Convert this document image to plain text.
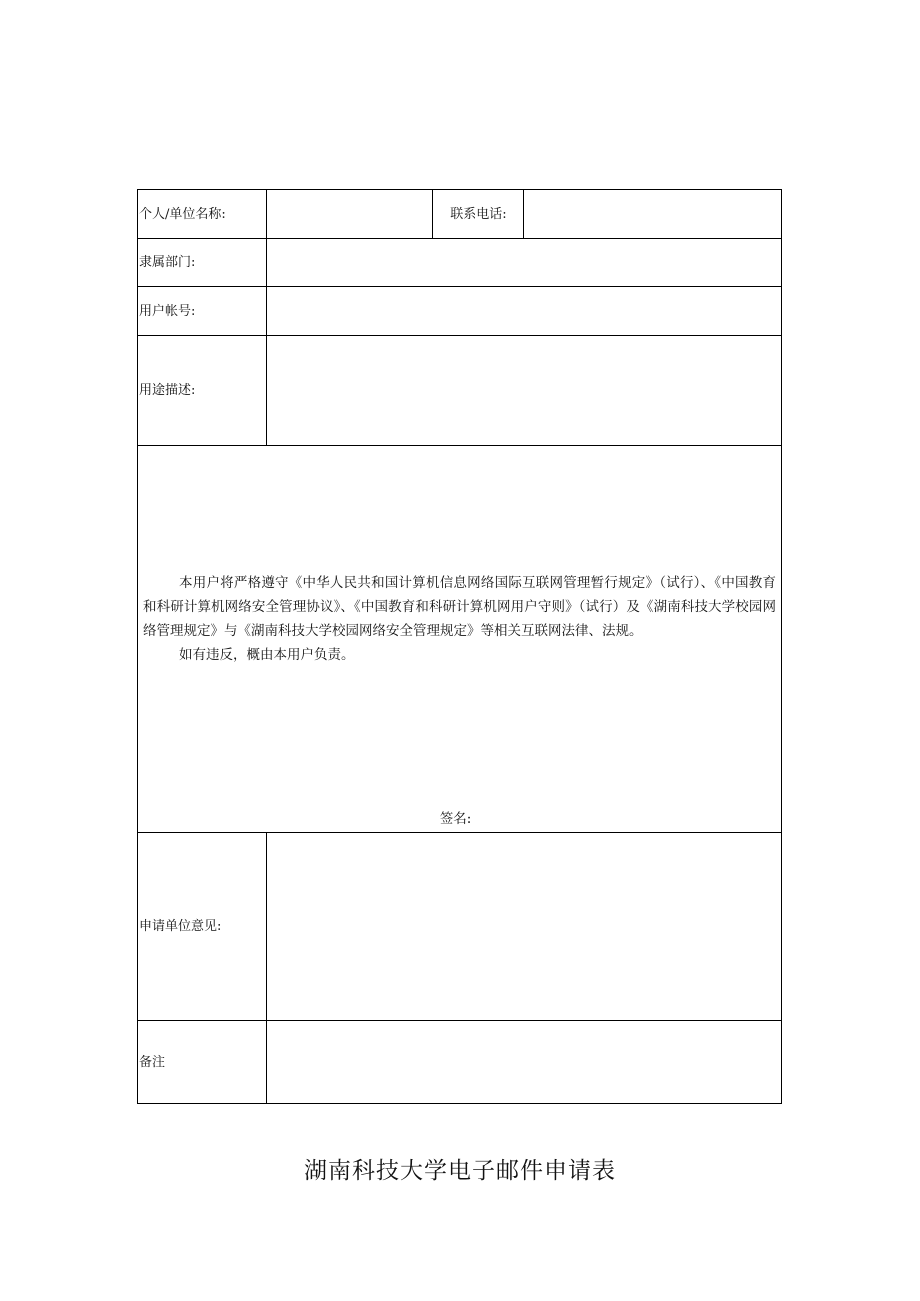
个人/单位名称:		联系电话:	
隶属部门:			
用户帐号:			
用途描述:			

本用户将严格遵守《中华人民共和国计算机信息网络国际互联网管理暂行规定》（试行）、《中国教育和科研计算机网络安全管理协议》、《中国教育和科研计算机网用户守则》（试行）及《湖南科技大学校园网络管理规定》与《湖南科技大学校园网络安全管理规定》等相关互联网法律、法规。

如有违反，概由本用户负责。

签名:			

申请单位意见:			
备注			
湖南科技大学电子邮件申请表
